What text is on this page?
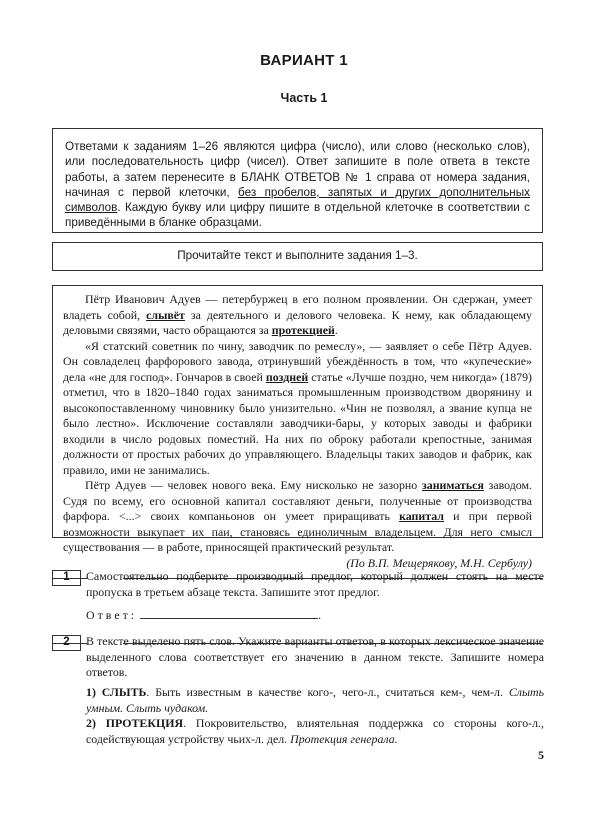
ВАРИАНТ 1
Часть 1
Ответами к заданиям 1–26 являются цифра (число), или слово (несколько слов), или последовательность цифр (чисел). Ответ запишите в поле ответа в тексте работы, а затем перенесите в БЛАНК ОТВЕТОВ № 1 справа от номера задания, начиная с первой клеточки, без пробелов, запятых и других дополнительных символов. Каждую букву или цифру пишите в отдельной клеточке в соответствии с приведёнными в бланке образцами.
Прочитайте текст и выполните задания 1–3.

Пётр Иванович Адуев — петербуржец в его полном проявлении. Он сдержан, умеет владеть собой, слывёт за деятельного и делового человека. К нему, как обладающему деловыми связями, часто обращаются за протекцией.

«Я статский советник по чину, заводчик по ремеслу», — заявляет о себе Пётр Адуев. Он совладелец фарфорового завода, отринувший убеждённость в том, что «купеческие» дела «не для господ». Гончаров в своей поздней статье «Лучше поздно, чем никогда» (1879) отметил, что в 1820–1840 годах заниматься промышленным производством дворянину и высокопоставленному чиновнику было унизительно. «Чин не позволял, а звание купца не было лестно». Исключение составляли заводчики-бары, у которых заводы и фабрики входили в число родовых поместий. На них по оброку работали крепостные, занимая должности от простых рабочих до управляющего. Владельцы таких заводов и фабрик, как правило, ими не занимались.

Пётр Адуев — человек нового века. Ему нисколько не зазорно заниматься заводом. Судя по всему, его основной капитал составляют деньги, полученные от производства фарфора. <...> своих компаньонов он умеет приращивать капитал и при первой возможности выкупает их паи, становясь единоличным владельцем. Для него смысл существования — в работе, приносящей практический результат.

(По В.П. Мещерякову, М.Н. Сербулу)

1	Самостоятельно подберите производный предлог, который должен стоять на месте пропуска в третьем абзаце текста. Запишите этот предлог.
Ответ:	.
2	В тексте выделено пять слов. Укажите варианты ответов, в которых лексическое значение выделенного слова соответствует его значению в данном тексте. Запишите номера ответов.
1) СЛЫТЬ. Быть известным в качестве кого-, чего-л., считаться кем-, чем-л. Слыть умным. Слыть чудаком.
2) ПРОТЕКЦИЯ. Покровительство, влиятельная поддержка со стороны кого-л., содействующая устройству чьих-л. дел. Протекция генерала.
5
